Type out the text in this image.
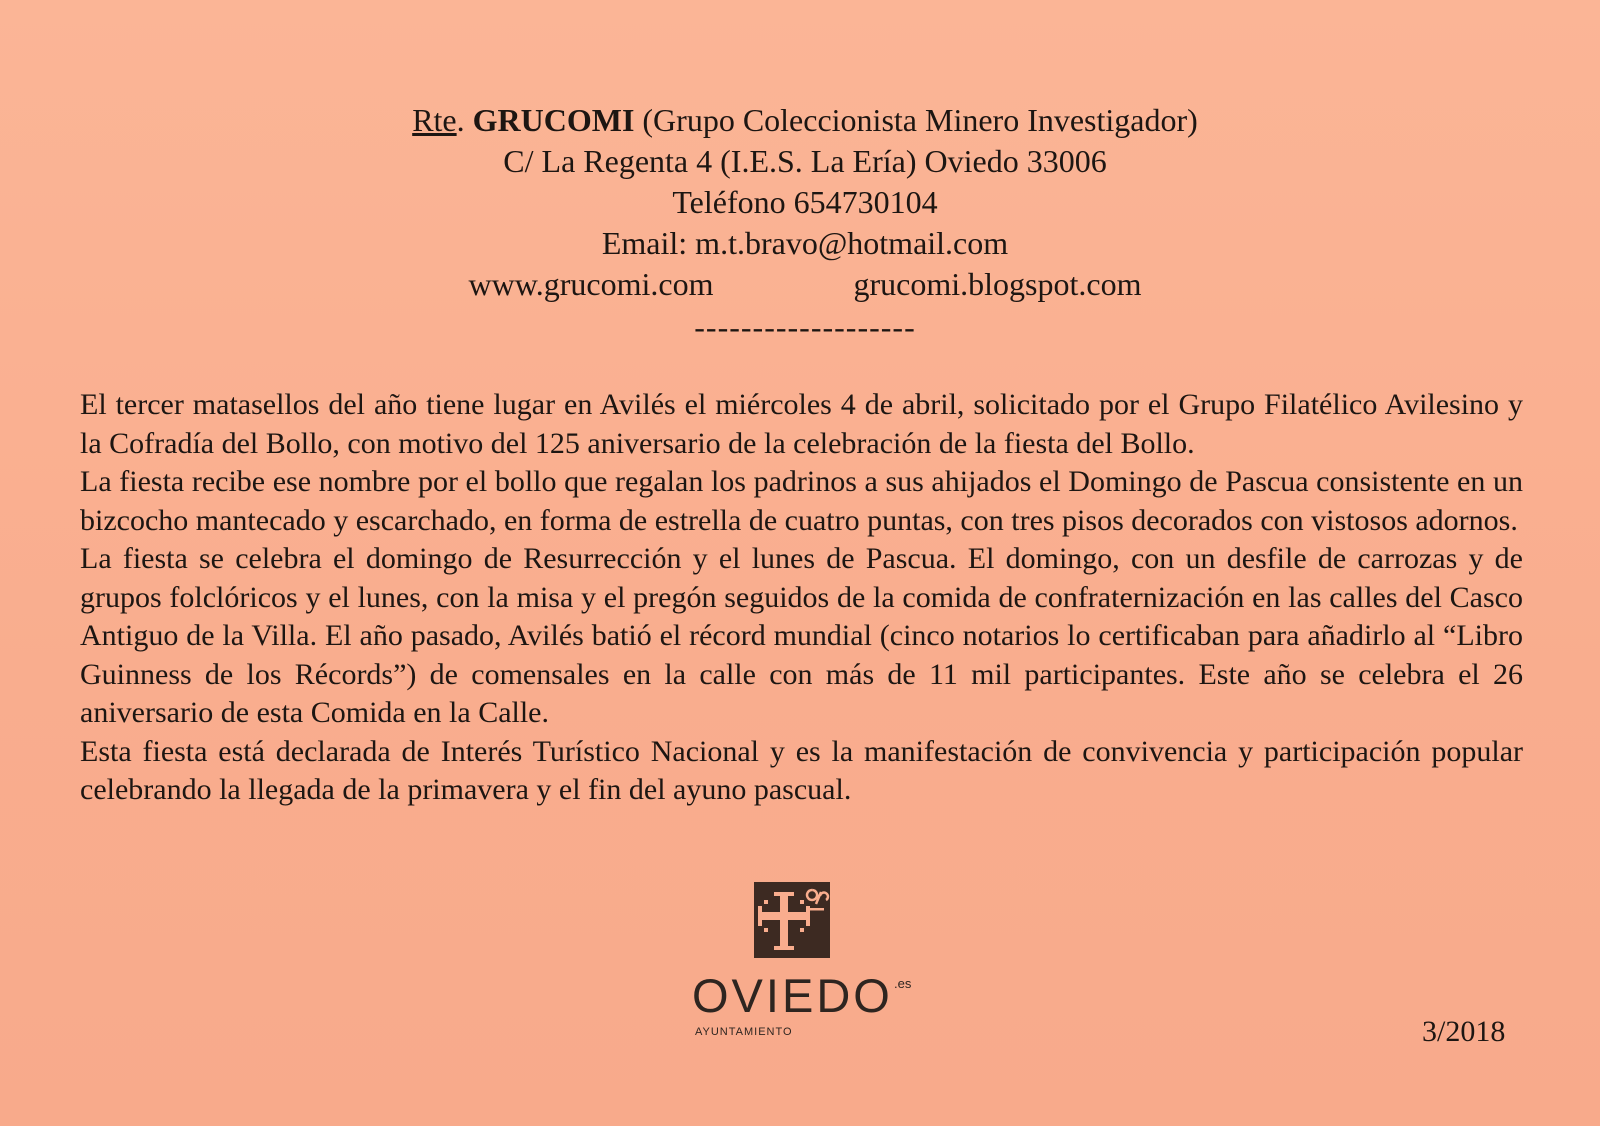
Rte. GRUCOMI (Grupo Coleccionista Minero Investigador)
C/ La Regenta 4 (I.E.S. La Ería) Oviedo 33006
Teléfono 654730104
Email: m.t.bravo@hotmail.com
www.grucomi.com	grucomi.blogspot.com
-------------------

El tercer matasellos del año tiene lugar en Avilés el miércoles 4 de abril, solicitado por el Grupo Filatélico Avilesino y la Cofradía del Bollo, con motivo del 125 aniversario de la celebración de la fiesta del Bollo.

La fiesta recibe ese nombre por el bollo que regalan los padrinos a sus ahijados el Domingo de Pascua consistente en un bizcocho mantecado y escarchado, en forma de estrella de cuatro puntas, con tres pisos decorados con vistosos adornos.

La fiesta se celebra el domingo de Resurrección y el lunes de Pascua. El domingo, con un desfile de carrozas y de grupos folclóricos y el lunes, con la misa y el pregón seguidos de la comida de confraternización en las calles del Casco Antiguo de la Villa. El año pasado, Avilés batió el récord mundial (cinco notarios lo certificaban para añadirlo al “Libro Guinness de los Récords”) de comensales en la calle con más de 11 mil participantes. Este año se celebra el 26 aniversario de esta Comida en la Calle.

Esta fiesta está declarada de Interés Turístico Nacional y es la manifestación de convivencia y participación popular celebrando la llegada de la primavera y el fin del ayuno pascual.

OVIEDO .es
AYUNTAMIENTO	3/2018
